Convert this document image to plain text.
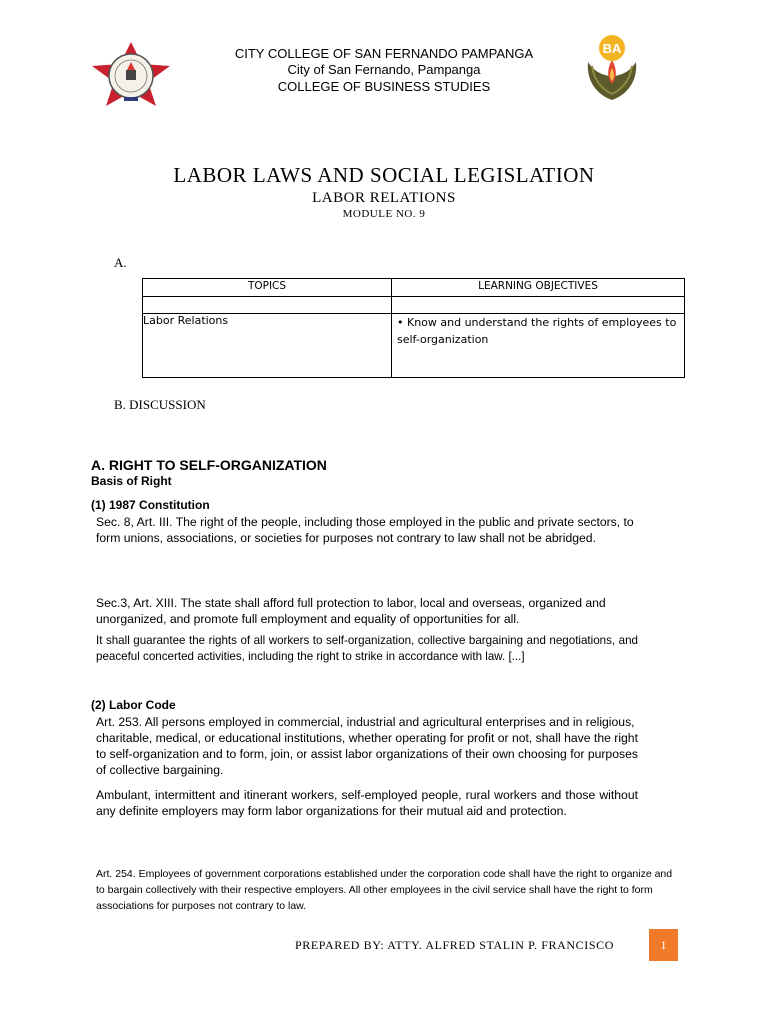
CITY COLLEGE OF SAN FERNANDO PAMPANGA
City of San Fernando, Pampanga
COLLEGE OF BUSINESS STUDIES
BA
LABOR LAWS AND SOCIAL LEGISLATION
LABOR RELATIONS
MODULE NO. 9
A.
TOPICS	LEARNING OBJECTIVES
Labor Relations	• Know and understand the rights of employees to self-organization
B. DISCUSSION
A. RIGHT TO SELF-ORGANIZATION
Basis of Right
(1) 1987 Constitution
Sec. 8, Art. III. The right of the people, including those employed in the public and private sectors, to form unions, associations, or societies for purposes not contrary to law shall not be abridged.
Sec.3, Art. XIII. The state shall afford full protection to labor, local and overseas, organized and unorganized, and promote full employment and equality of opportunities for all.
It shall guarantee the rights of all workers to self-organization, collective bargaining and negotiations, and peaceful concerted activities, including the right to strike in accordance with law. [...]
(2) Labor Code
Art. 253. All persons employed in commercial, industrial and agricultural enterprises and in religious, charitable, medical, or educational institutions, whether operating for profit or not, shall have the right to self-organization and to form, join, or assist labor organizations of their own choosing for purposes of collective bargaining.
Ambulant, intermittent and itinerant workers, self-employed people, rural workers and those without any definite employers may form labor organizations for their mutual aid and protection.
Art. 254. Employees of government corporations established under the corporation code shall have the right to organize and to bargain collectively with their respective employers. All other employees in the civil service shall have the right to form associations for purposes not contrary to law.
PREPARED BY: ATTY. ALFRED STALIN P. FRANCISCO	1
